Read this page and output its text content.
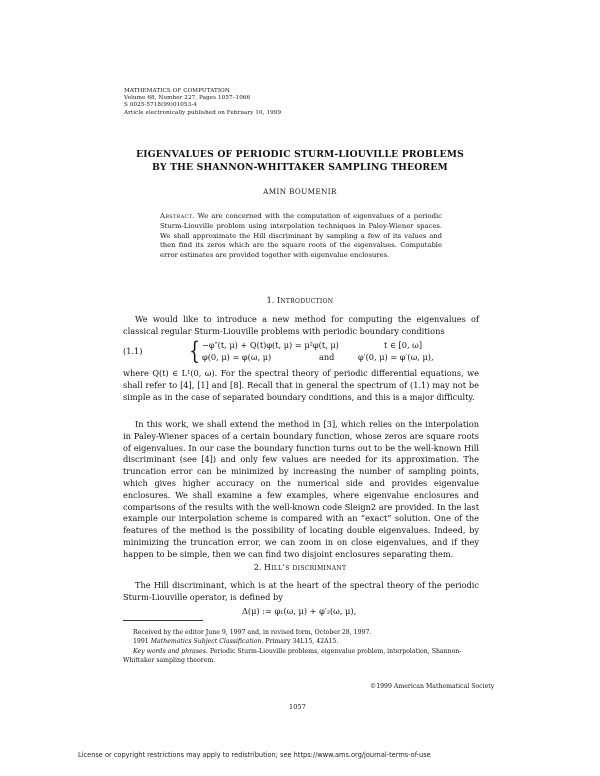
MATHEMATICS OF COMPUTATION
Volume 68, Number 227, Pages 1057–1066
S 0025-5718(99)01053-4
Article electronically published on February 10, 1999
EIGENVALUES OF PERIODIC STURM-LIOUVILLE PROBLEMS
BY THE SHANNON-WHITTAKER SAMPLING THEOREM
AMIN BOUMENIR
Abstract. We are concerned with the computation of eigenvalues of a periodic Sturm-Liouville problem using interpolation techniques in Paley-Wiener spaces. We shall approximate the Hill discriminant by sampling a few of its values and then find its zeros which are the square roots of the eigenvalues. Computable error estimates are provided together with eigenvalue enclosures.
1. Introduction
We would like to introduce a new method for computing the eigenvalues of classical regular Sturm-Liouville problems with periodic boundary conditions
(1.1) { −φ″(t, μ) + Q(t)φ(t, μ) = μ²φ(t, μ)	t ∈ [0, ω]
φ(0, μ) = φ(ω, μ)	and	φ′(0, μ) = φ′(ω, μ),
where Q(t) ∈ L¹(0, ω). For the spectral theory of periodic differential equations, we shall refer to [4], [1] and [8]. Recall that in general the spectrum of (1.1) may not be simple as in the case of separated boundary conditions, and this is a major difficulty.
In this work, we shall extend the method in [3], which relies on the interpolation in Paley-Wiener spaces of a certain boundary function, whose zeros are square roots of eigenvalues. In our case the boundary function turns out to be the well-known Hill discriminant (see [4]) and only few values are needed for its approximation. The truncation error can be minimized by increasing the number of sampling points, which gives higher accuracy on the numerical side and provides eigenvalue enclosures. We shall examine a few examples, where eigenvalue enclosures and comparisons of the results with the well-known code Sleign2 are provided. In the last example our interpolation scheme is compared with an “exact” solution. One of the features of the method is the possibility of locating double eigenvalues. Indeed, by minimizing the truncation error, we can zoom in on close eigenvalues, and if they happen to be simple, then we can find two disjoint enclosures separating them.
2. Hill’s discriminant
The Hill discriminant, which is at the heart of the spectral theory of the periodic Sturm-Liouville operator, is defined by
Δ(μ) := φ₁(ω, μ) + φ′₂(ω, μ),
Received by the editor June 9, 1997 and, in revised form, October 28, 1997.
1991 Mathematics Subject Classification. Primary 34L15, 42A15.
Key words and phrases. Periodic Sturm-Liouville problems, eigenvalue problem, interpolation, Shannon-Whittaker sampling theorem.
©1999 American Mathematical Society
1057
License or copyright restrictions may apply to redistribution; see https://www.ams.org/journal-terms-of-use
